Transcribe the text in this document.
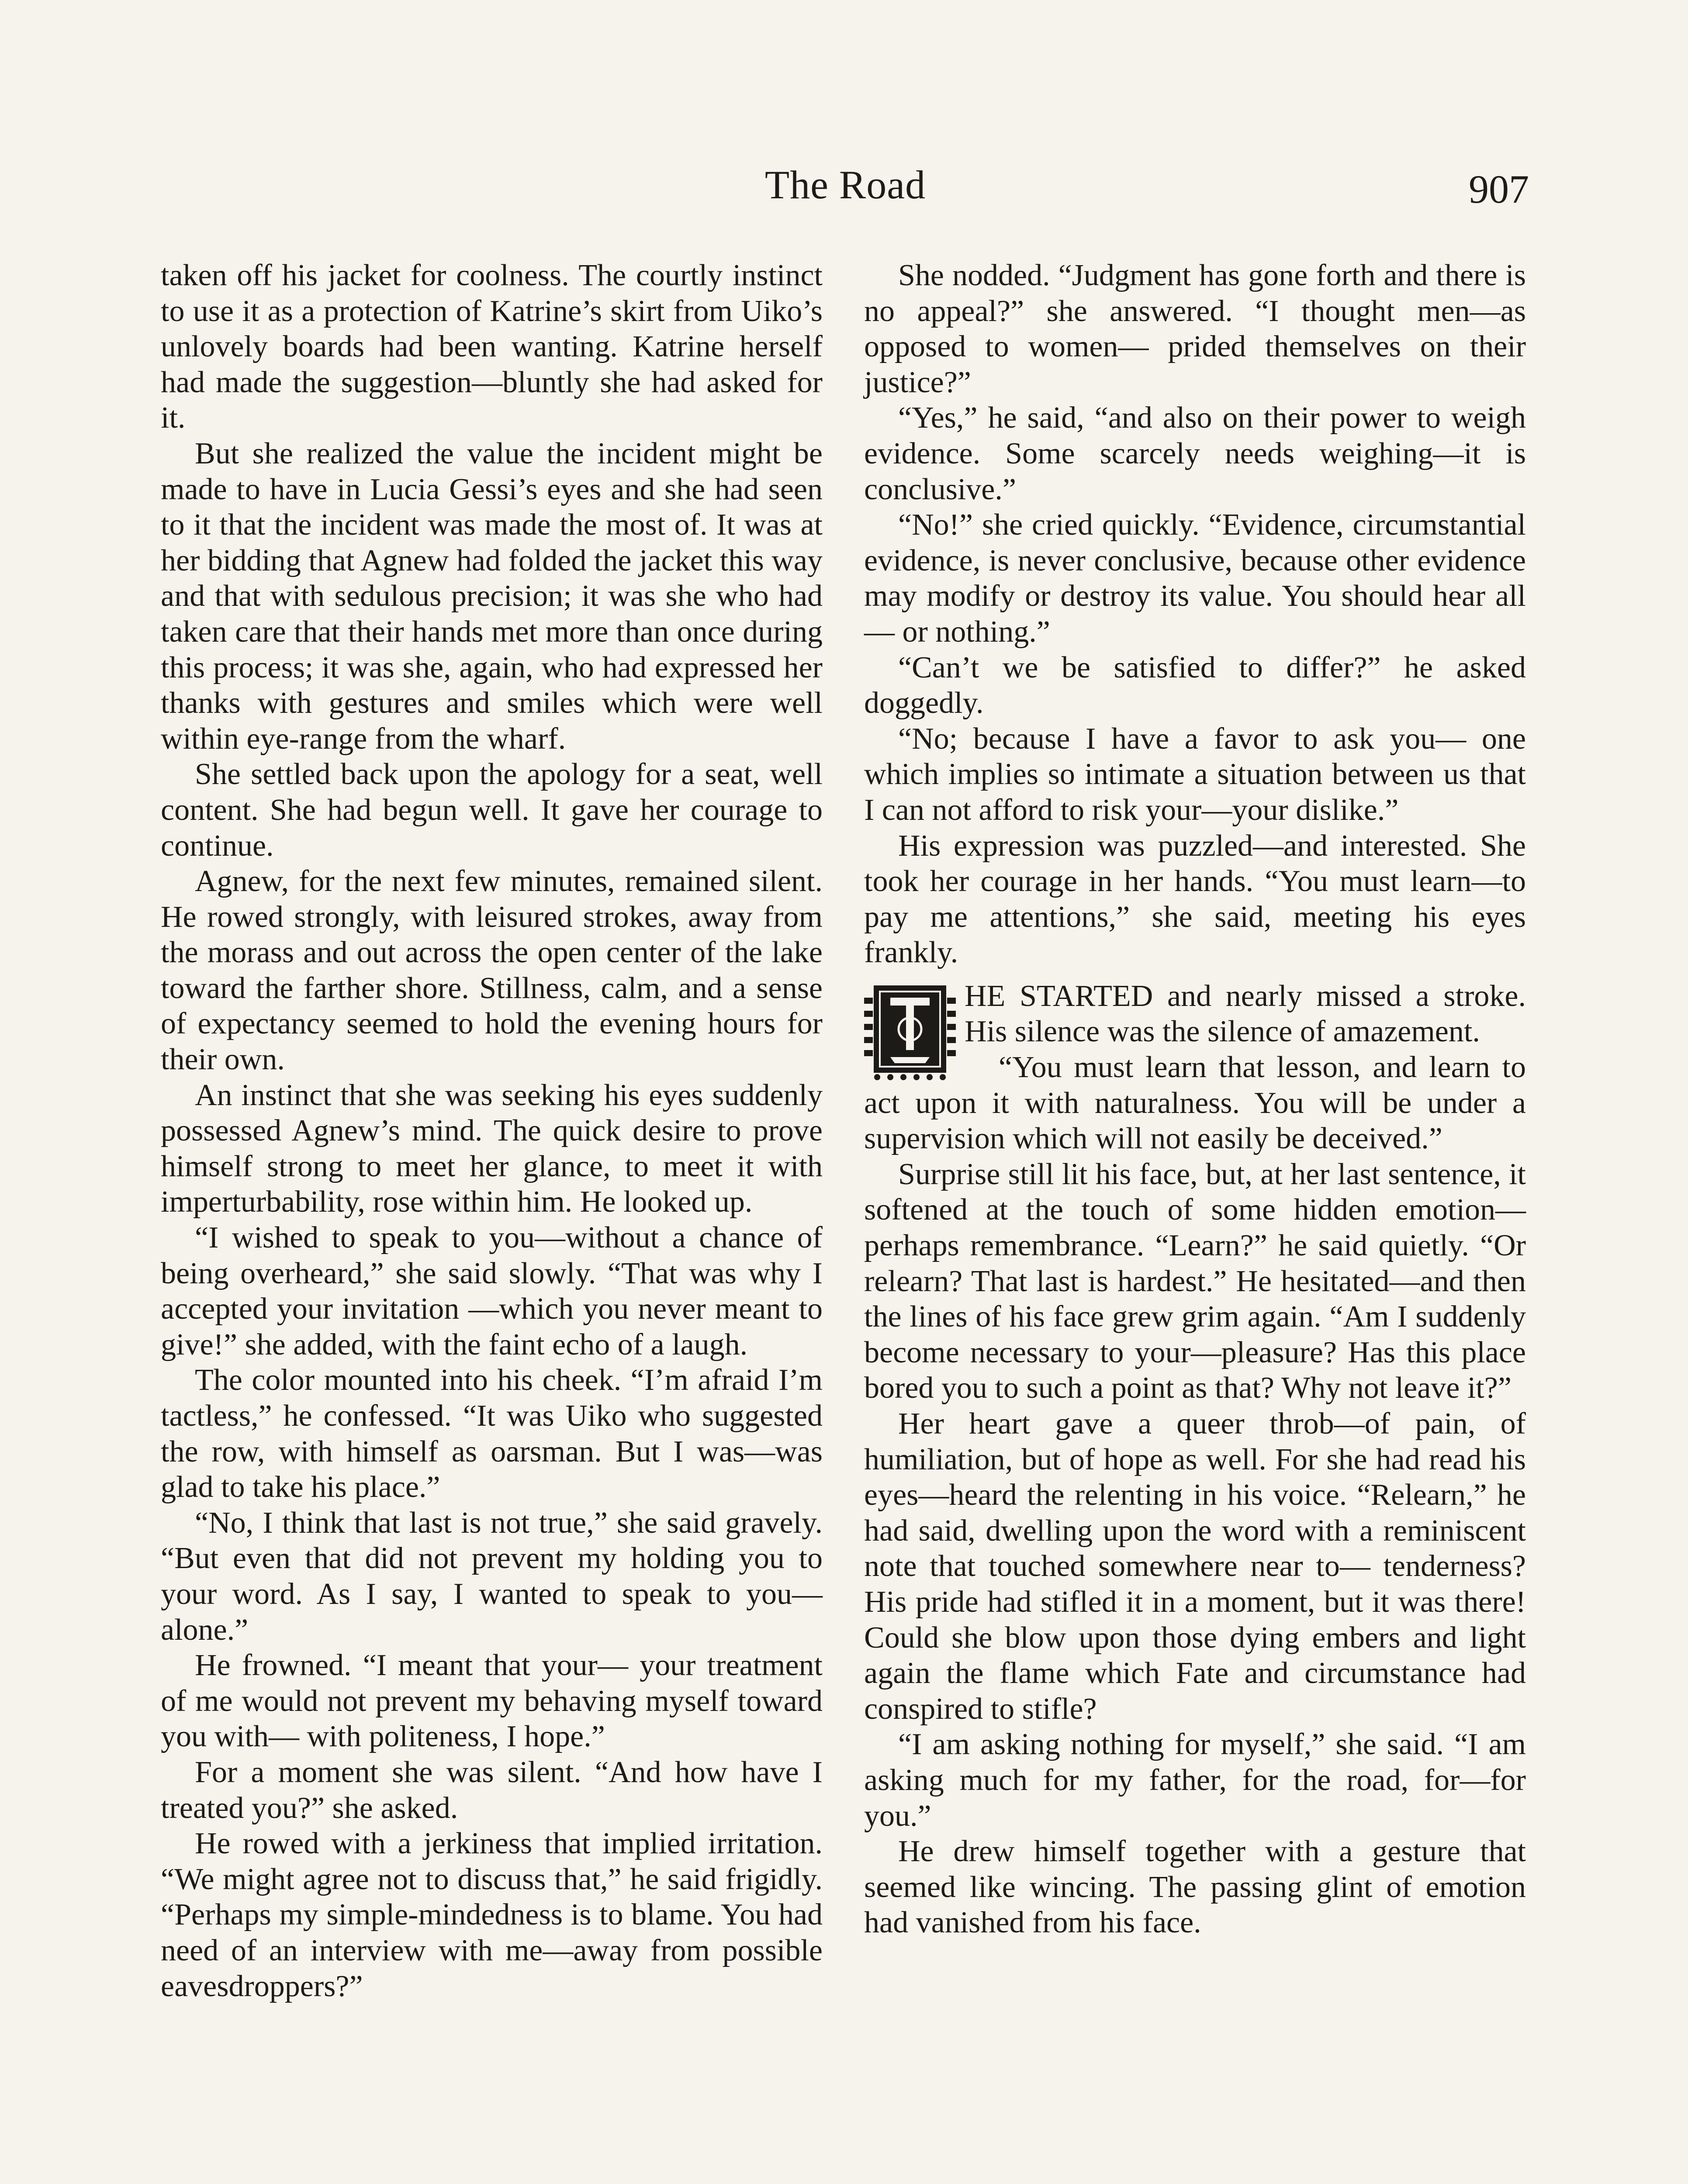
The Road	907

taken off his jacket for coolness. The courtly instinct to use it as a protection of Katrine’s skirt from Uiko’s unlovely boards had been wanting. Katrine herself had made the suggestion—bluntly she had asked for it.

But she realized the value the incident might be made to have in Lucia Gessi’s eyes and she had seen to it that the incident was made the most of. It was at her bidding that Agnew had folded the jacket this way and that with sedulous precision; it was she who had taken care that their hands met more than once during this process; it was she, again, who had expressed her thanks with gestures and smiles which were well within eye-range from the wharf.

She settled back upon the apology for a seat, well content. She had begun well. It gave her courage to continue.

Agnew, for the next few minutes, remained silent. He rowed strongly, with leisured strokes, away from the morass and out across the open center of the lake toward the farther shore. Stillness, calm, and a sense of expectancy seemed to hold the evening hours for their own.

An instinct that she was seeking his eyes suddenly possessed Agnew’s mind. The quick desire to prove himself strong to meet her glance, to meet it with imperturbability, rose within him. He looked up.

“I wished to speak to you—without a chance of being overheard,” she said slowly. “That was why I accepted your invitation —which you never meant to give!” she added, with the faint echo of a laugh.

The color mounted into his cheek. “I’m afraid I’m tactless,” he confessed. “It was Uiko who suggested the row, with himself as oarsman. But I was—was glad to take his place.”

“No, I think that last is not true,” she said gravely. “But even that did not prevent my holding you to your word. As I say, I wanted to speak to you—alone.”

He frowned. “I meant that your— your treatment of me would not prevent my behaving myself toward you with— with politeness, I hope.”

For a moment she was silent. “And how have I treated you?” she asked.

He rowed with a jerkiness that implied irritation. “We might agree not to discuss that,” he said frigidly. “Perhaps my simple-mindedness is to blame. You had need of an interview with me—away from possible eavesdroppers?”

She nodded. “Judgment has gone forth and there is no appeal?” she answered. “I thought men—as opposed to women— prided themselves on their justice?”

“Yes,” he said, “and also on their power to weigh evidence. Some scarcely needs weighing—it is conclusive.”

“No!” she cried quickly. “Evidence, circumstantial evidence, is never conclusive, because other evidence may modify or destroy its value. You should hear all— or nothing.”

“Can’t we be satisfied to differ?” he asked doggedly.

“No; because I have a favor to ask you— one which implies so intimate a situation between us that I can not afford to risk your—your dislike.”

His expression was puzzled—and interested. She took her courage in her hands. “You must learn—to pay me attentions,” she said, meeting his eyes frankly.

HE STARTED and nearly missed a stroke. His silence was the silence of amazement.

“You must learn that lesson, and learn to act upon it with naturalness. You will be under a supervision which will not easily be deceived.”

Surprise still lit his face, but, at her last sentence, it softened at the touch of some hidden emotion—perhaps remembrance. “Learn?” he said quietly. “Or relearn? That last is hardest.” He hesitated—and then the lines of his face grew grim again. “Am I suddenly become necessary to your—pleasure? Has this place bored you to such a point as that? Why not leave it?”

Her heart gave a queer throb—of pain, of humiliation, but of hope as well. For she had read his eyes—heard the relenting in his voice. “Relearn,” he had said, dwelling upon the word with a reminiscent note that touched somewhere near to— tenderness? His pride had stifled it in a moment, but it was there! Could she blow upon those dying embers and light again the flame which Fate and circumstance had conspired to stifle?

“I am asking nothing for myself,” she said. “I am asking much for my father, for the road, for—for you.”

He drew himself together with a gesture that seemed like wincing. The passing glint of emotion had vanished from his face.
